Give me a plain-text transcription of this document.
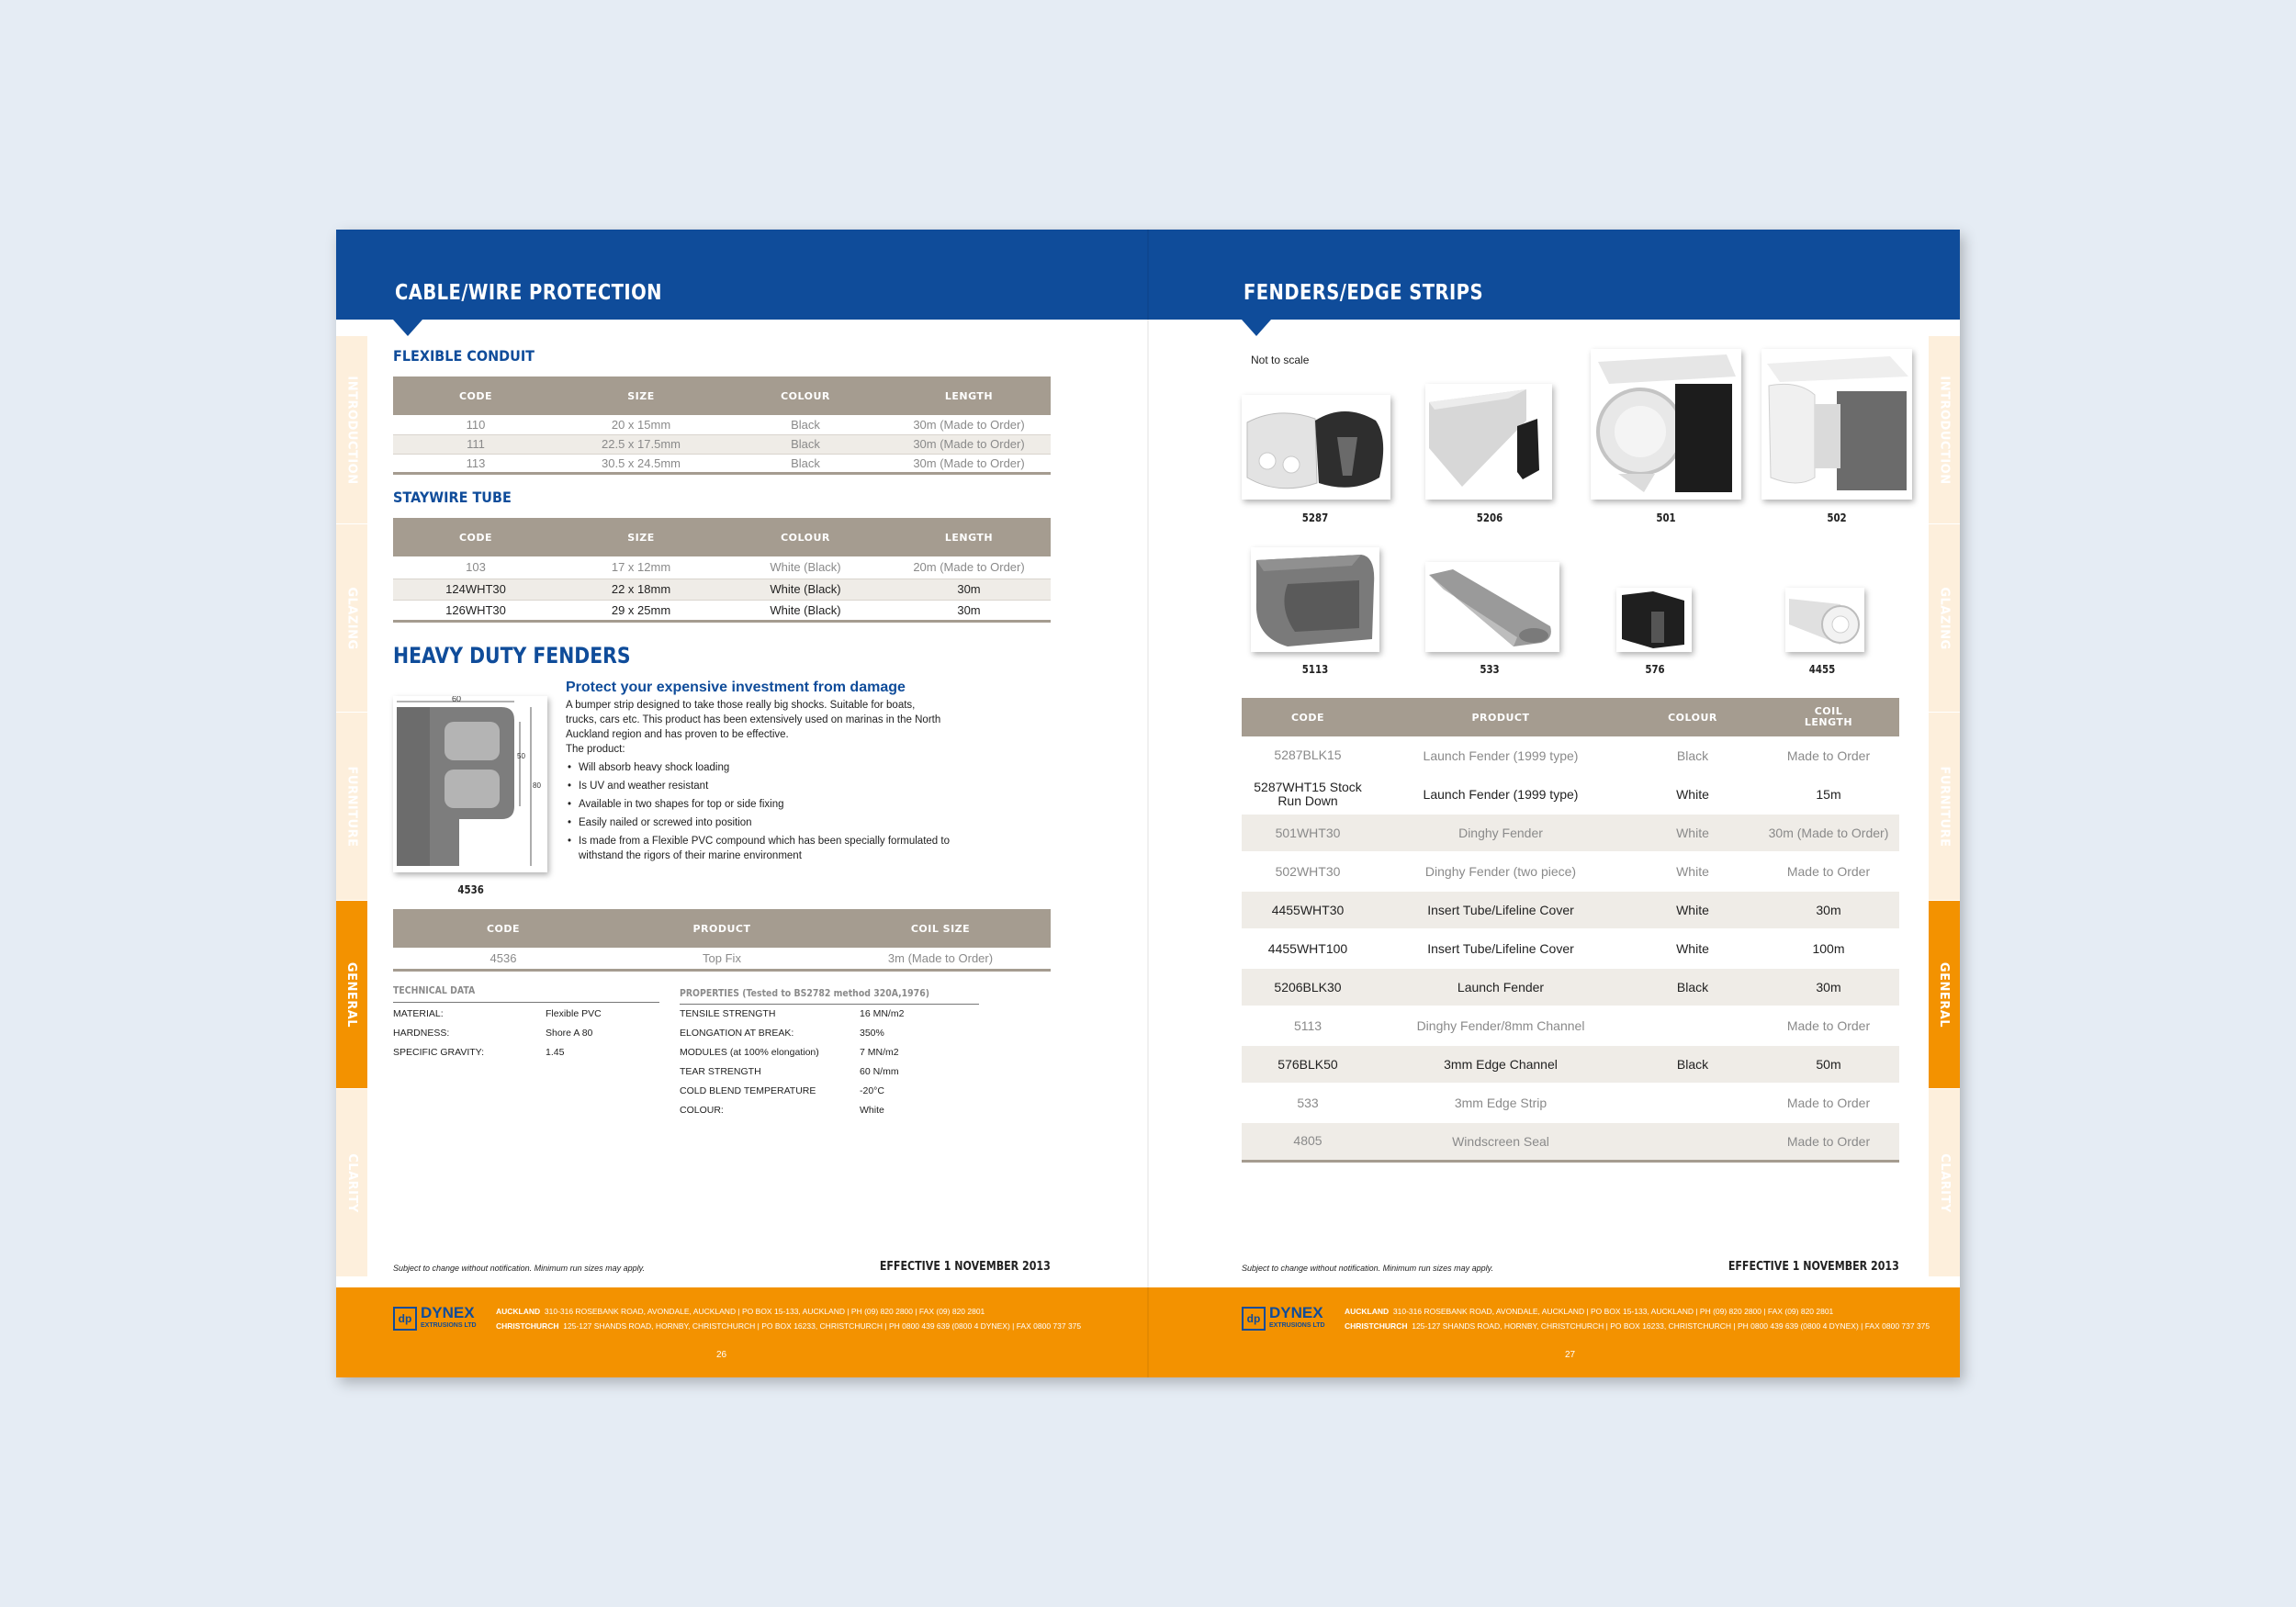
CABLE/WIRE PROTECTION
INTRODUCTION
GLAZING
FURNITURE
GENERAL
CLARITY
FLEXIBLE CONDUIT
CODE	SIZE	COLOUR	LENGTH
110	20 x 15mm	Black	30m (Made to Order)
111	22.5 x 17.5mm	Black	30m (Made to Order)
113	30.5 x 24.5mm	Black	30m (Made to Order)
STAYWIRE TUBE
CODE	SIZE	COLOUR	LENGTH
103	17 x 12mm	White (Black)	20m (Made to Order)
124WHT30	22 x 18mm	White (Black)	30m
126WHT30	29 x 25mm	White (Black)	30m
HEAVY DUTY FENDERS
60
50
80
4536
Protect your expensive investment from damage
A bumper strip designed to take those really big shocks. Suitable for boats,
trucks, cars etc. This product has been extensively used on marinas in the North
Auckland region and has proven to be effective.
The product:
• Will absorb heavy shock loading
• Is UV and weather resistant
• Available in two shapes for top or side fixing
• Easily nailed or screwed into position
• Is made from a Flexible PVC compound which has been specially formulated to withstand the rigors of their marine environment
CODE	PRODUCT	COIL SIZE
4536	Top Fix	3m (Made to Order)
TECHNICAL DATA
MATERIAL:	Flexible PVC
HARDNESS:	Shore A 80
SPECIFIC GRAVITY:	1.45
PROPERTIES (Tested to BS2782 method 320A,1976)
TENSILE STRENGTH	16 MN/m2
ELONGATION AT BREAK:	350%
MODULES (at 100% elongation)	7 MN/m2
TEAR STRENGTH	60 N/mm
COLD BLEND TEMPERATURE	-20°C
COLOUR:	White
Subject to change without notification. Minimum run sizes may apply.	EFFECTIVE 1 NOVEMBER 2013
dp DYNEX
EXTRUSIONS LTD
AUCKLAND 310-316 ROSEBANK ROAD, AVONDALE, AUCKLAND | PO BOX 15-133, AUCKLAND | PH (09) 820 2800 | FAX (09) 820 2801
CHRISTCHURCH 125-127 SHANDS ROAD, HORNBY, CHRISTCHURCH | PO BOX 16233, CHRISTCHURCH | PH 0800 439 639 (0800 4 DYNEX) | FAX 0800 737 375
26
FENDERS/EDGE STRIPS
INTRODUCTION
GLAZING
FURNITURE
GENERAL
CLARITY
Not to scale
5287	5206	501	502
5113	533	576	4455
CODE	PRODUCT	COLOUR	COIL LENGTH
5287BLK15	Launch Fender (1999 type)	Black	Made to Order
5287WHT15 Stock Run Down	Launch Fender (1999 type)	White	15m
501WHT30	Dinghy Fender	White	30m (Made to Order)
502WHT30	Dinghy Fender (two piece)	White	Made to Order
4455WHT30	Insert Tube/Lifeline Cover	White	30m
4455WHT100	Insert Tube/Lifeline Cover	White	100m
5206BLK30	Launch Fender	Black	30m
5113	Dinghy Fender/8mm Channel		Made to Order
576BLK50	3mm Edge Channel	Black	50m
533	3mm Edge Strip		Made to Order
4805	Windscreen Seal		Made to Order
Subject to change without notification. Minimum run sizes may apply.	EFFECTIVE 1 NOVEMBER 2013
dp DYNEX
EXTRUSIONS LTD
AUCKLAND 310-316 ROSEBANK ROAD, AVONDALE, AUCKLAND | PO BOX 15-133, AUCKLAND | PH (09) 820 2800 | FAX (09) 820 2801
CHRISTCHURCH 125-127 SHANDS ROAD, HORNBY, CHRISTCHURCH | PO BOX 16233, CHRISTCHURCH | PH 0800 439 639 (0800 4 DYNEX) | FAX 0800 737 375
27
